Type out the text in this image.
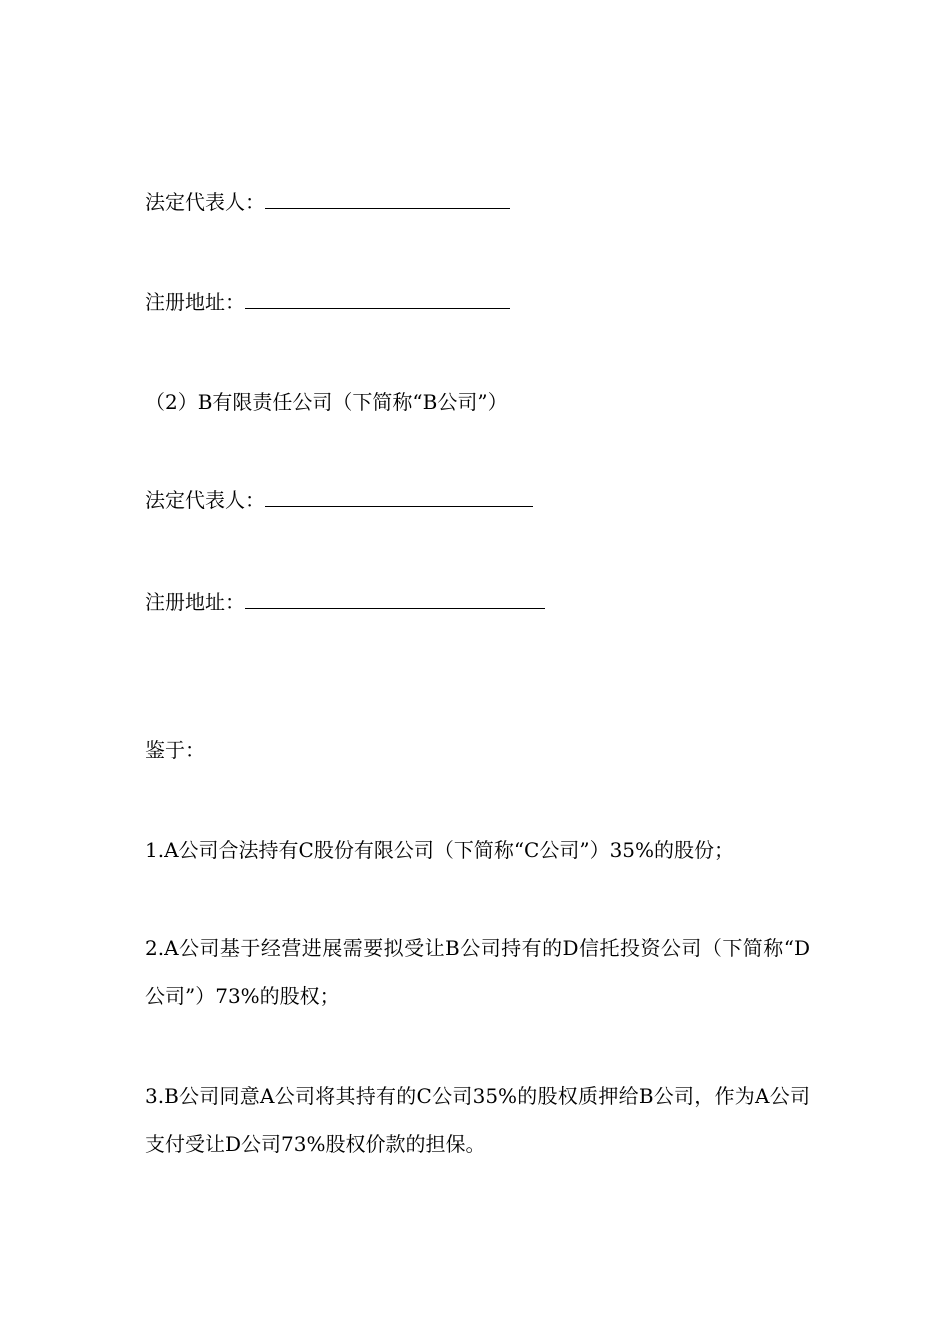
法定代表人：
注册地址：
（2）B有限责任公司（下简称“B公司”）
法定代表人：
注册地址：
鉴于：
1.A公司合法持有C股份有限公司（下简称“C公司”）35%的股份；
2.A公司基于经营进展需要拟受让B公司持有的D信托投资公司（下简称“D公司”）73%的股权；
3.B公司同意A公司将其持有的C公司35%的股权质押给B公司，作为A公司支付受让D公司73%股权价款的担保。
